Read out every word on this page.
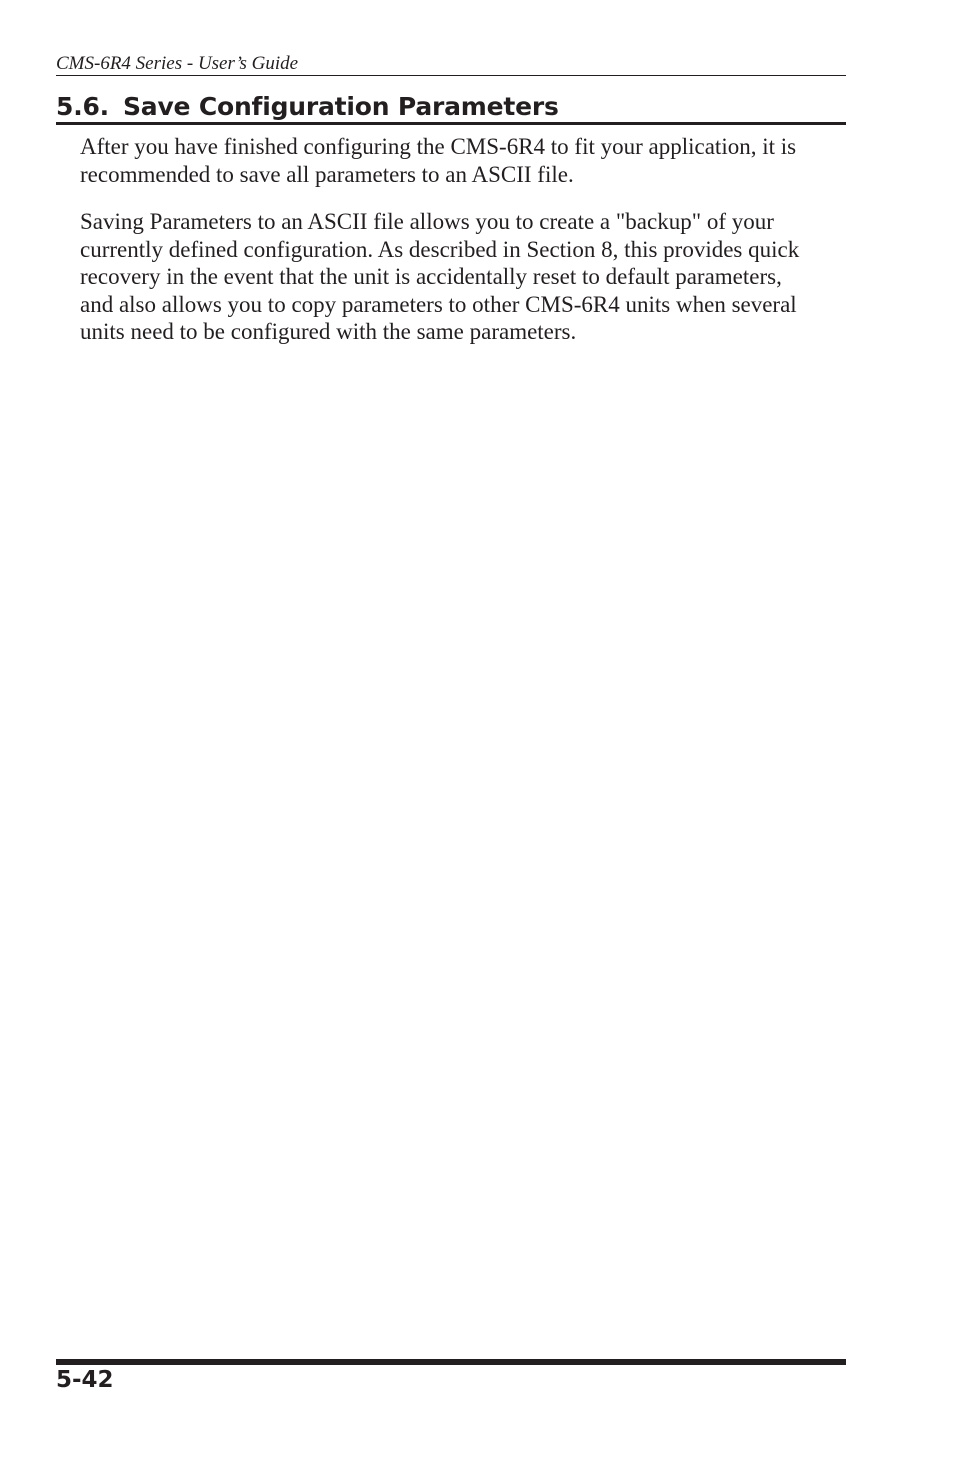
CMS-6R4 Series - User’s Guide
5.6. Save Configuration Parameters

After you have finished configuring the CMS-6R4 to fit your application, it is
recommended to save all parameters to an ASCII file.

Saving Parameters to an ASCII file allows you to create a "backup" of your
currently defined configuration. As described in Section 8, this provides quick
recovery in the event that the unit is accidentally reset to default parameters,
and also allows you to copy parameters to other CMS-6R4 units when several
units need to be configured with the same parameters.

5-42
